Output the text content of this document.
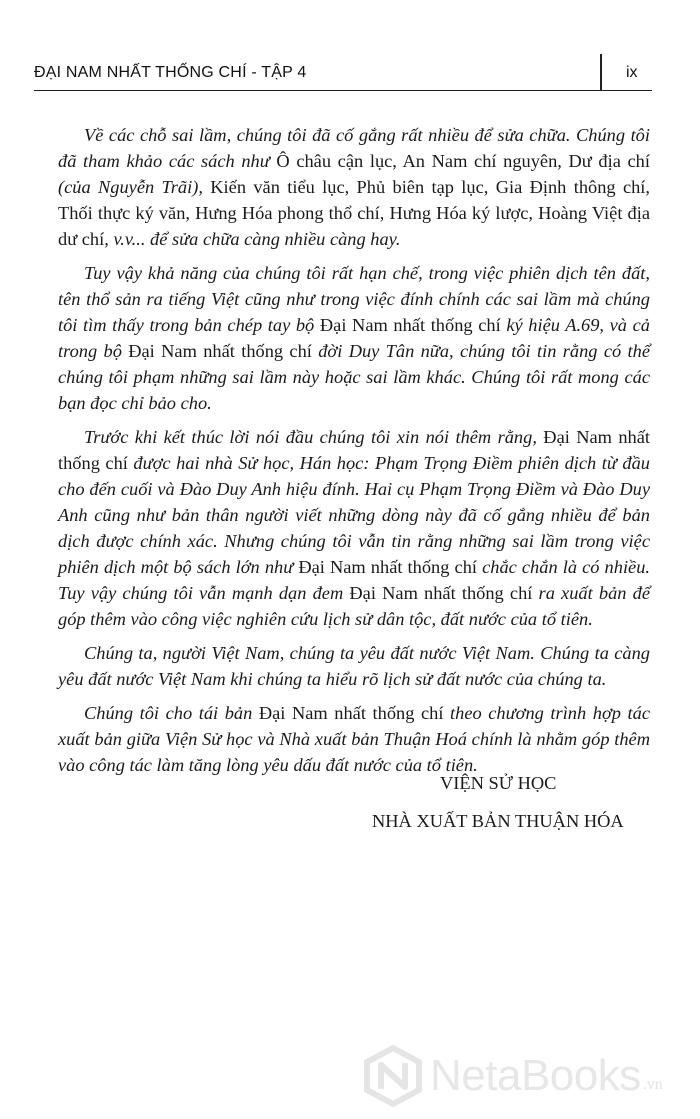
ĐẠI NAM NHẤT THỐNG CHÍ - TẬP 4	ix

Về các chỗ sai lầm, chúng tôi đã cố gắng rất nhiều để sửa chữa. Chúng tôi đã tham khảo các sách như Ô châu cận lục, An Nam chí nguyên, Dư địa chí (của Nguyễn Trãi), Kiến văn tiểu lục, Phủ biên tạp lục, Gia Định thông chí, Thối thực ký văn, Hưng Hóa phong thổ chí, Hưng Hóa ký lược, Hoàng Việt địa dư chí, v.v... để sửa chữa càng nhiều càng hay.

Tuy vậy khả năng của chúng tôi rất hạn chế, trong việc phiên dịch tên đất, tên thổ sản ra tiếng Việt cũng như trong việc đính chính các sai lầm mà chúng tôi tìm thấy trong bản chép tay bộ Đại Nam nhất thống chí ký hiệu A.69, và cả trong bộ Đại Nam nhất thống chí đời Duy Tân nữa, chúng tôi tin rằng có thể chúng tôi phạm những sai lầm này hoặc sai lầm khác. Chúng tôi rất mong các bạn đọc chỉ bảo cho.

Trước khi kết thúc lời nói đầu chúng tôi xin nói thêm rằng, Đại Nam nhất thống chí được hai nhà Sử học, Hán học: Phạm Trọng Điềm phiên dịch từ đầu cho đến cuối và Đào Duy Anh hiệu đính. Hai cụ Phạm Trọng Điềm và Đào Duy Anh cũng như bản thân người viết những dòng này đã cố gắng nhiều để bản dịch được chính xác. Nhưng chúng tôi vẫn tin rằng những sai lầm trong việc phiên dịch một bộ sách lớn như Đại Nam nhất thống chí chắc chắn là có nhiều. Tuy vậy chúng tôi vẫn mạnh dạn đem Đại Nam nhất thống chí ra xuất bản để góp thêm vào công việc nghiên cứu lịch sử dân tộc, đất nước của tổ tiên.

Chúng ta, người Việt Nam, chúng ta yêu đất nước Việt Nam. Chúng ta càng yêu đất nước Việt Nam khi chúng ta hiểu rõ lịch sử đất nước của chúng ta.

Chúng tôi cho tái bản Đại Nam nhất thống chí theo chương trình hợp tác xuất bản giữa Viện Sử học và Nhà xuất bản Thuận Hoá chính là nhằm góp thêm vào công tác làm tăng lòng yêu dấu đất nước của tổ tiên.

VIỆN SỬ HỌC
NHÀ XUẤT BẢN THUẬN HÓA
NetaBooks .vn
